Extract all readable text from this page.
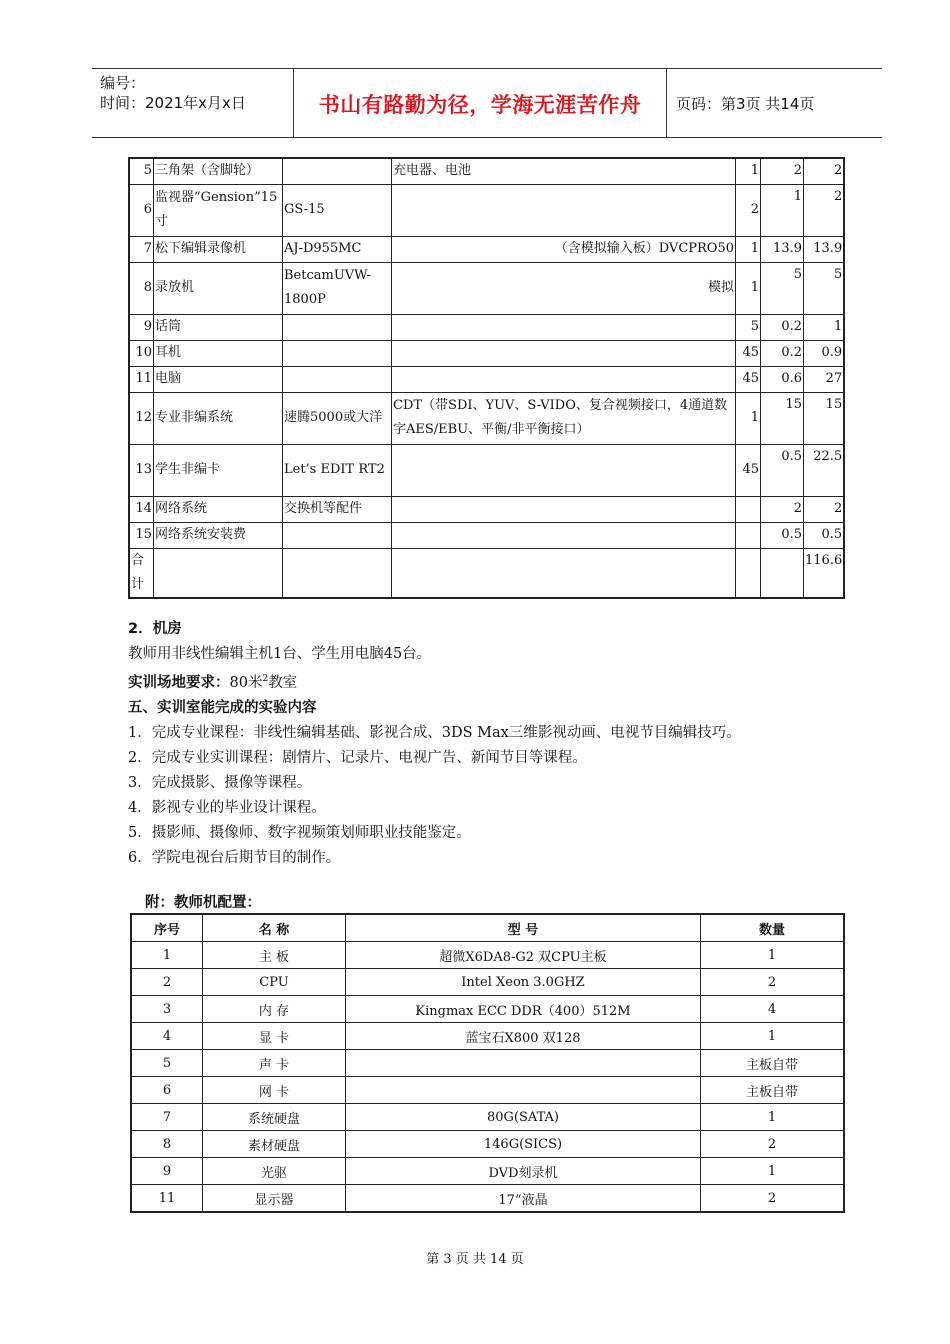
编号：
时间：2021年x月x日	书山有路勤为径，学海无涯苦作舟	页码：第3页 共14页
5	三角架（含脚轮）		充电器、电池	1	2	2
6	监视器“Gension”15寸	GS-15		2	1	2
7	松下编辑录像机	AJ-D955MC	（含模拟输入板）DVCPRO50	1	13.9	13.9
8	录放机	BetcamUVW-1800P	模拟	1	5	5
9	话筒			5	0.2	1
10	耳机			45	0.2	0.9
11	电脑			45	0.6	27
12	专业非编系统	速腾5000或大洋	CDT（带SDI、YUV、S-VIDO、复合视频接口，4通道数字AES/EBU、平衡/非平衡接口）	1	15	15
13	学生非编卡	Let’s EDIT RT2		45	0.5	22.5
14	网络系统	交换机等配件			2	2
15	网络系统安装费				0.5	0.5
合计						116.6

2．机房

教师用非线性编辑主机1台、学生用电脑45台。

实训场地要求：80米$^2$教室

五、实训室能完成的实验内容

1．完成专业课程：非线性编辑基础、影视合成、3DS Max三维影视动画、电视节目编辑技巧。

2．完成专业实训课程：剧情片、记录片、电视广告、新闻节目等课程。

3．完成摄影、摄像等课程。

4．影视专业的毕业设计课程。

5．摄影师、摄像师、数字视频策划师职业技能鉴定。

6．学院电视台后期节目的制作。

附：教师机配置：
序号	名 称	型 号	数量
1	主 板	超微X6DA8-G2 双CPU主板	1
2	CPU	Intel Xeon 3.0GHZ	2
3	内 存	Kingmax ECC DDR（400）512M	4
4	显 卡	蓝宝石X800 双128	1
5	声 卡		主板自带
6	网 卡		主板自带
7	系统硬盘	80G(SATA)	1
8	素材硬盘	146G(SICS)	2
9	光驱	DVD刻录机	1
11	显示器	17“液晶	2
第 3 页 共 14 页
